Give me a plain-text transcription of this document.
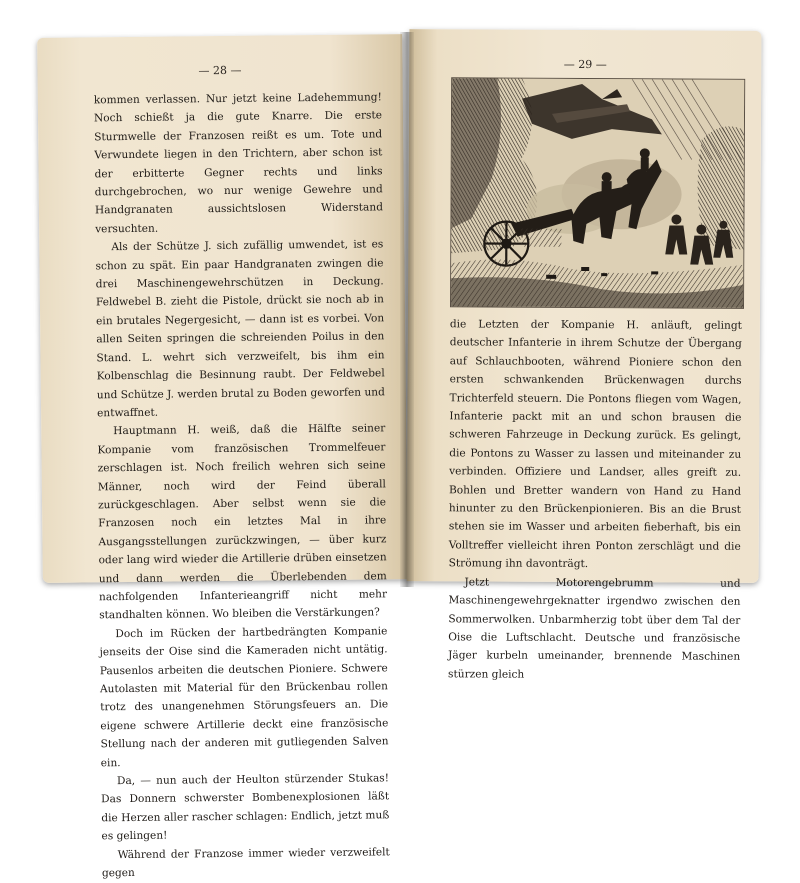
— 28 —

kommen verlassen. Nur jetzt keine Ladehemmung! Noch schießt ja die gute Knarre. Die erste Sturmwelle der Franzosen reißt es um. Tote und Verwundete liegen in den Trichtern, aber schon ist der erbitterte Gegner rechts und links durchgebrochen, wo nur wenige Gewehre und Handgranaten aussichtslosen Widerstand versuchten.

Als der Schütze J. sich zufällig umwendet, ist es schon zu spät. Ein paar Handgranaten zwingen die drei Maschinengewehrschützen in Deckung. Feldwebel B. zieht die Pistole, drückt sie noch ab in ein brutales Negergesicht, — dann ist es vorbei. Von allen Seiten springen die schreienden Poilus in den Stand. L. wehrt sich verzweifelt, bis ihm ein Kolbenschlag die Besinnung raubt. Der Feldwebel und Schütze J. werden brutal zu Boden geworfen und entwaffnet.

Hauptmann H. weiß, daß die Hälfte seiner Kompanie vom französischen Trommelfeuer zerschlagen ist. Noch freilich wehren sich seine Männer, noch wird der Feind überall zurückgeschlagen. Aber selbst wenn sie die Franzosen noch ein letztes Mal in ihre Ausgangsstellungen zurückzwingen, — über kurz oder lang wird wieder die Artillerie drüben einsetzen und dann werden die Überlebenden dem nachfolgenden Infanterieangriff nicht mehr standhalten können. Wo bleiben die Verstärkungen?

Doch im Rücken der hartbedrängten Kompanie jenseits der Oise sind die Kameraden nicht untätig. Pausenlos arbeiten die deutschen Pioniere. Schwere Autolasten mit Material für den Brückenbau rollen trotz des unangenehmen Störungsfeuers an. Die eigene schwere Artillerie deckt eine französische Stellung nach der anderen mit gutliegenden Salven ein.

Da, — nun auch der Heulton stürzender Stukas! Das Donnern schwerster Bombenexplosionen läßt die Herzen aller rascher schlagen: Endlich, jetzt muß es gelingen!

Während der Franzose immer wieder verzweifelt gegen

— 29 —

die Letzten der Kompanie H. anläuft, gelingt deutscher Infanterie in ihrem Schutze der Übergang auf Schlauchbooten, während Pioniere schon den ersten schwankenden Brückenwagen durchs Trichterfeld steuern. Die Pontons fliegen vom Wagen, Infanterie packt mit an und schon brausen die schweren Fahrzeuge in Deckung zurück. Es gelingt, die Pontons zu Wasser zu lassen und miteinander zu verbinden. Offiziere und Landser, alles greift zu. Bohlen und Bretter wandern von Hand zu Hand hinunter zu den Brückenpionieren. Bis an die Brust stehen sie im Wasser und arbeiten fieberhaft, bis ein Volltreffer vielleicht ihren Ponton zerschlägt und die Strömung ihn davonträgt.

Jetzt Motorengebrumm und Maschinengewehrgeknatter irgendwo zwischen den Sommerwolken. Unbarmherzig tobt über dem Tal der Oise die Luftschlacht. Deutsche und französische Jäger kurbeln umeinander, brennende Maschinen stürzen gleich
